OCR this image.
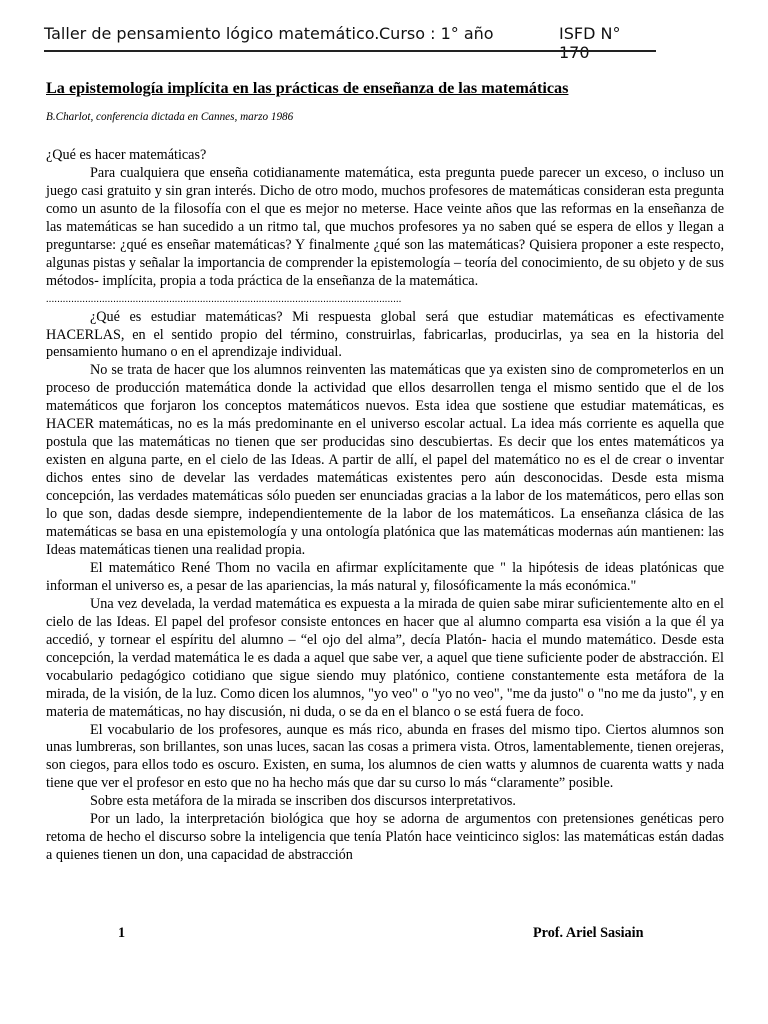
Taller de pensamiento lógico matemático. Curso : 1° año	ISFD N° 170
La epistemología implícita en las prácticas de enseñanza de las matemáticas
B.Charlot, conferencia dictada en Cannes, marzo 1986

¿Qué es hacer matemáticas?

Para cualquiera que enseña cotidianamente matemática, esta pregunta puede parecer un exceso, o incluso un juego casi gratuito y sin gran interés. Dicho de otro modo, muchos profesores de matemáticas consideran esta pregunta como un asunto de la filosofía con el que es mejor no meterse. Hace veinte años que las reformas en la enseñanza de las matemáticas se han sucedido a un ritmo tal, que muchos profesores ya no saben qué se espera de ellos y llegan a preguntarse: ¿qué es enseñar matemáticas? Y finalmente ¿qué son las matemáticas? Quisiera proponer a este respecto, algunas pistas y señalar la importancia de comprender la epistemología – teoría del conocimiento, de su objeto y de sus métodos- implícita, propia a toda práctica de la enseñanza de la matemática.

...............................................................................................................................

¿Qué es estudiar matemáticas? Mi respuesta global será que estudiar matemáticas es efectivamente HACERLAS, en el sentido propio del término, construirlas, fabricarlas, producirlas, ya sea en la historia del pensamiento humano o en el aprendizaje individual.

No se trata de hacer que los alumnos reinventen las matemáticas que ya existen sino de comprometerlos en un proceso de producción matemática donde la actividad que ellos desarrollen tenga el mismo sentido que el de los matemáticos que forjaron los conceptos matemáticos nuevos. Esta idea que sostiene que estudiar matemáticas, es HACER matemáticas, no es la más predominante en el universo escolar actual. La idea más corriente es aquella que postula que las matemáticas no tienen que ser producidas sino descubiertas. Es decir que los entes matemáticos ya existen en alguna parte, en el cielo de las Ideas. A partir de allí, el papel del matemático no es el de crear o inventar dichos entes sino de develar las verdades matemáticas existentes pero aún desconocidas. Desde esta misma concepción, las verdades matemáticas sólo pueden ser enunciadas gracias a la labor de los matemáticos, pero ellas son lo que son, dadas desde siempre, independientemente de la labor de los matemáticos. La enseñanza clásica de las matemáticas se basa en una epistemología y una ontología platónica que las matemáticas modernas aún mantienen: las Ideas matemáticas tienen una realidad propia.

El matemático René Thom no vacila en afirmar explícitamente que " la hipótesis de ideas platónicas que informan el universo es, a pesar de las apariencias, la más natural y, filosóficamente la más económica."

Una vez develada, la verdad matemática es expuesta a la mirada de quien sabe mirar suficientemente alto en el cielo de las Ideas. El papel del profesor consiste entonces en hacer que al alumno comparta esa visión a la que él ya accedió, y tornear el espíritu del alumno – “el ojo del alma”, decía Platón- hacia el mundo matemático. Desde esta concepción, la verdad matemática le es dada a aquel que sabe ver, a aquel que tiene suficiente poder de abstracción. El vocabulario pedagógico cotidiano que sigue siendo muy platónico, contiene constantemente esta metáfora de la mirada, de la visión, de la luz. Como dicen los alumnos, "yo veo" o "yo no veo", "me da justo" o "no me da justo", y en materia de matemáticas, no hay discusión, ni duda, o se da en el blanco o se está fuera de foco.

El vocabulario de los profesores, aunque es más rico, abunda en frases del mismo tipo. Ciertos alumnos son unas lumbreras, son brillantes, son unas luces, sacan las cosas a primera vista. Otros, lamentablemente, tienen orejeras, son ciegos, para ellos todo es oscuro. Existen, en suma, los alumnos de cien watts y alumnos de cuarenta watts y nada tiene que ver el profesor en esto que no ha hecho más que dar su curso lo más “claramente” posible.

Sobre esta metáfora de la mirada se inscriben dos discursos interpretativos.

Por un lado, la interpretación biológica que hoy se adorna de argumentos con pretensiones genéticas pero retoma de hecho el discurso sobre la inteligencia que tenía Platón hace veinticinco siglos: las matemáticas están dadas a quienes tienen un don, una capacidad de abstracción

1	Prof. Ariel Sasiain
